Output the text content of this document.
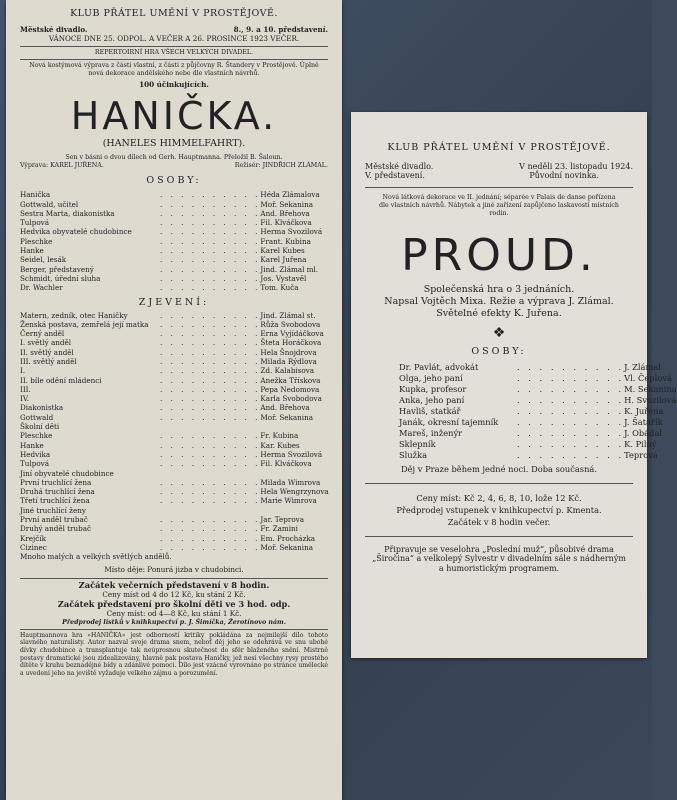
KLUB PŘÁTEL UMĚNÍ V PROSTĚJOVĚ.
Městské divadlo.	8., 9. a 10. představení.
VÁNOCE DNE 25. ODPOL. A VEČER A 26. PROSINCE 1923 VEČER.
REPERTOIRNÍ HRA VŠECH VELKÝCH DIVADEL.
Nová kostýmová výprava z části vlastní, z části z půjčovny R. Štandery v Prostějově. Úplně nová dekorace andělského nebe dle vlastních návrhů.
100 účinkujících.
HANIČKA.
(HANELES HIMMELFAHRT).
Sen v básni o dvou dílech od Gerh. Hauptmanna. Přeložil B. Šaloun.
Výprava: KAREL JUŘENA.	Režisér: JINDŘICH ZLÁMAL.
OSOBY:
Hanička	. . . . . . . . . . Héda Zlámalova
Gottwald, učitel	. . . . . . . . . . Moř. Sekanina
Sestra Marta, diakonistka	. . . . . . . . . . And. Břehova
Tulpová	. . . . . . . . . . Fil. Klváčkova
Hedvika obyvatelé chudobince	. . . . . . . . . . Herma Svozilová
Pleschke	. . . . . . . . . . Frant. Kubina
Hanke	. . . . . . . . . . Karel Kubes
Seidel, lesák	. . . . . . . . . . Karel Juřena
Berger, představený	. . . . . . . . . . Jind. Zlámal ml.
Schmidt, úřední sluha	. . . . . . . . . . Jos. Vystavěl
Dr. Wachler	. . . . . . . . . . Tom. Kuča
ZJEVENÍ:
Matern, zedník, otec Haničky	. . . . . . . . . . Jind. Zlámal st.
Ženská postava, zemřelá její matka	. . . . . . . . . . Růža Svobodova
Černý anděl	. . . . . . . . . . Erna Vyjídáčkova
I. světlý anděl	. . . . . . . . . . Šteta Horáčkova
II. světlý anděl	. . . . . . . . . . Hela Šnojdrova
III. světlý anděl	. . . . . . . . . . Milada Rýdlova
I.	. . . . . . . . . . Zd. Kalabisova
II. bíle odění mládenci	. . . . . . . . . . Anežka Třískova
III.	. . . . . . . . . . Pepa Nedomova
IV.	. . . . . . . . . . Karla Svobodova
Diakonistka	. . . . . . . . . . And. Břehova
Gottwald	. . . . . . . . . . Moř. Sekanina
Školní děti
Pleschke	. . . . . . . . . . Fr. Kubina
Hanke	. . . . . . . . . . Kar. Kubes
Hedvika	. . . . . . . . . . Herma Svozilová
Tulpová	. . . . . . . . . . Fil. Klváčkova
Jiní obyvatelé chudobince
První truchlící žena	. . . . . . . . . . Milada Wimrova
Druhá truchlící žena	. . . . . . . . . . Hela Wengrzynova
Třetí truchlící žena	. . . . . . . . . . Marie Wimrova
Jiné truchlící ženy
První anděl trubač	. . . . . . . . . . Jar. Teprova
Druhý anděl trubač	. . . . . . . . . . Fr. Zamini
Krejčík	. . . . . . . . . . Em. Procházka
Cizinec	. . . . . . . . . . Moř. Sekanina
Mnoho malých a velkých světlých andělů.
Místo děje: Ponurá jizba v chudobinci.
Začátek večerních představení v 8 hodin.
Ceny míst od 4 do 12 Kč, ku stání 2 Kč.
Začátek představení pro školní děti ve 3 hod. odp.
Ceny míst: od 4—8 Kč, ku stání 1 Kč.
Předprodej lístků v knihkupectví p. J. Šimíčka, Žerotínovo nám.
Hauptmannova hra »HANIČKA« jest odborností kritiky pokládána za nejmilejší dílo tohoto slavného naturalisty. Autor nazval svoje drama snem, neboť děj jeho se odehrává ve snu ubohé dívky chudobince a transplantuje tak neúprosnou skutečnost do sfér blaženého snění. Mistrně postavy dramatické jsou zidealizovány, hlavně pak postava Haničky, jež nesí všechny rysy prostého dítěte v kruhu beznadějné bídy a zdánlivé pomoci. Dílo jest vzácně vyrovnáno po stránce umělecké a uvedení jeho na jeviště vyžaduje velkého zájmu a porozumění.
KLUB PŘÁTEL UMĚNÍ V PROSTĚJOVĚ.
Městské divadlo.	V neděli 23. listopadu 1924.
V. představení.	Původní novinka.
Nová látková dekorace ve II. jednání; séparée v Palais de danse pořízena dle vlastních návrhů. Nábytek a jiné zařízení zapůjčeno laskavostí místních rodin.
PROUD.
Společenská hra o 3 jednáních.
Napsal Vojtěch Mixa. Režie a výprava J. Zlámal.
Světelné efekty K. Juřena.
❖
OSOBY:
Dr. Pavlát, advokát	. . . . . . . . . . J. Zlámal
Olga, jeho paní	. . . . . . . . . . Vl. Čeplová
Kupka, profesor	. . . . . . . . . . M. Sekanina
Anka, jeho paní	. . . . . . . . . . H. Svozilová
Havliš, statkář	. . . . . . . . . . K. Juřena
Janák, okresní tajemník	. . . . . . . . . . J. Šatařík
Mareš, inženýr	. . . . . . . . . . J. Obádal
Sklepník	. . . . . . . . . . K. Pilný
Služka	. . . . . . . . . . Teprová
Děj v Praze během jedné noci. Doba současná.
Ceny míst: Kč 2, 4, 6, 8, 10, lože 12 Kč.
Předprodej vstupenek v knihkupectví p. Kmenta.
Začátek v 8 hodin večer.
Připravuje se veselohra „Poslední muž“, působivé drama „Širočina“ a velkolepý Sylvestr v divadelním sále s nádherným a humoristickým programem.
